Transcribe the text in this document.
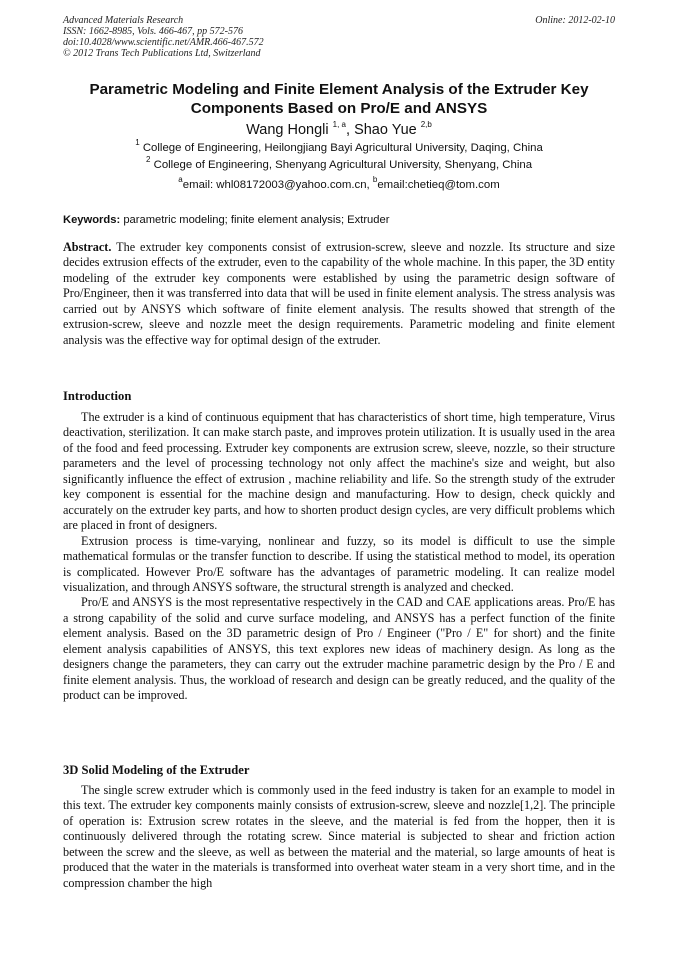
Advanced Materials Research
ISSN: 1662-8985, Vols. 466-467, pp 572-576
doi:10.4028/www.scientific.net/AMR.466-467.572
© 2012 Trans Tech Publications Ltd, Switzerland
Online: 2012-02-10
Parametric Modeling and Finite Element Analysis of the Extruder Key
Components Based on Pro/E and ANSYS
Wang Hongli $^{1, a}$, Shao Yue $^{2,b}$
$^1$ College of Engineering, Heilongjiang Bayi Agricultural University, Daqing, China
$^2$ College of Engineering, Shenyang Agricultural University, Shenyang, China
$^a$email: whl08172003@yahoo.com.cn, $^b$email:chetieq@tom.com
Keywords: parametric modeling; finite element analysis; Extruder

Abstract. The extruder key components consist of extrusion-screw, sleeve and nozzle. Its structure and size decides extrusion effects of the extruder, even to the capability of the whole machine. In this paper, the 3D entity modeling of the extruder key components were established by using the parametric design software of Pro/Engineer, then it was transferred into data that will be used in finite element analysis. The stress analysis was carried out by ANSYS which software of finite element analysis. The results showed that strength of the extrusion-screw, sleeve and nozzle meet the design requirements. Parametric modeling and finite element analysis was the effective way for optimal design of the extruder.

Introduction

The extruder is a kind of continuous equipment that has characteristics of short time, high temperature, Virus deactivation, sterilization. It can make starch paste, and improves protein utilization. It is usually used in the area of the food and feed processing. Extruder key components are extrusion screw, sleeve, nozzle, so their structure parameters and the level of processing technology not only affect the machine's size and weight, but also significantly influence the effect of extrusion , machine reliability and life. So the strength study of the extruder key component is essential for the machine design and manufacturing. How to design, check quickly and accurately on the extruder key parts, and how to shorten product design cycles, are very difficult problems which are placed in front of designers.

Extrusion process is time-varying, nonlinear and fuzzy, so its model is difficult to use the simple mathematical formulas or the transfer function to describe. If using the statistical method to model, its operation is complicated. However Pro/E software has the advantages of parametric modeling. It can realize model visualization, and through ANSYS software, the structural strength is analyzed and checked.

Pro/E and ANSYS is the most representative respectively in the CAD and CAE applications areas. Pro/E has a strong capability of the solid and curve surface modeling, and ANSYS has a perfect function of the finite element analysis. Based on the 3D parametric design of Pro / Engineer ("Pro / E" for short) and the finite element analysis capabilities of ANSYS, this text explores new ideas of machinery design. As long as the designers change the parameters, they can carry out the extruder machine parametric design by the Pro / E and finite element analysis. Thus, the workload of research and design can be greatly reduced, and the quality of the product can be improved.

3D Solid Modeling of the Extruder

The single screw extruder which is commonly used in the feed industry is taken for an example to model in this text. The extruder key components mainly consists of extrusion-screw, sleeve and nozzle[1,2]. The principle of operation is: Extrusion screw rotates in the sleeve, and the material is fed from the hopper, then it is continuously delivered through the rotating screw. Since material is subjected to shear and friction action between the screw and the sleeve, as well as between the material and the material, so large amounts of heat is produced that the water in the materials is transformed into overheat water steam in a very short time, and in the compression chamber the high
